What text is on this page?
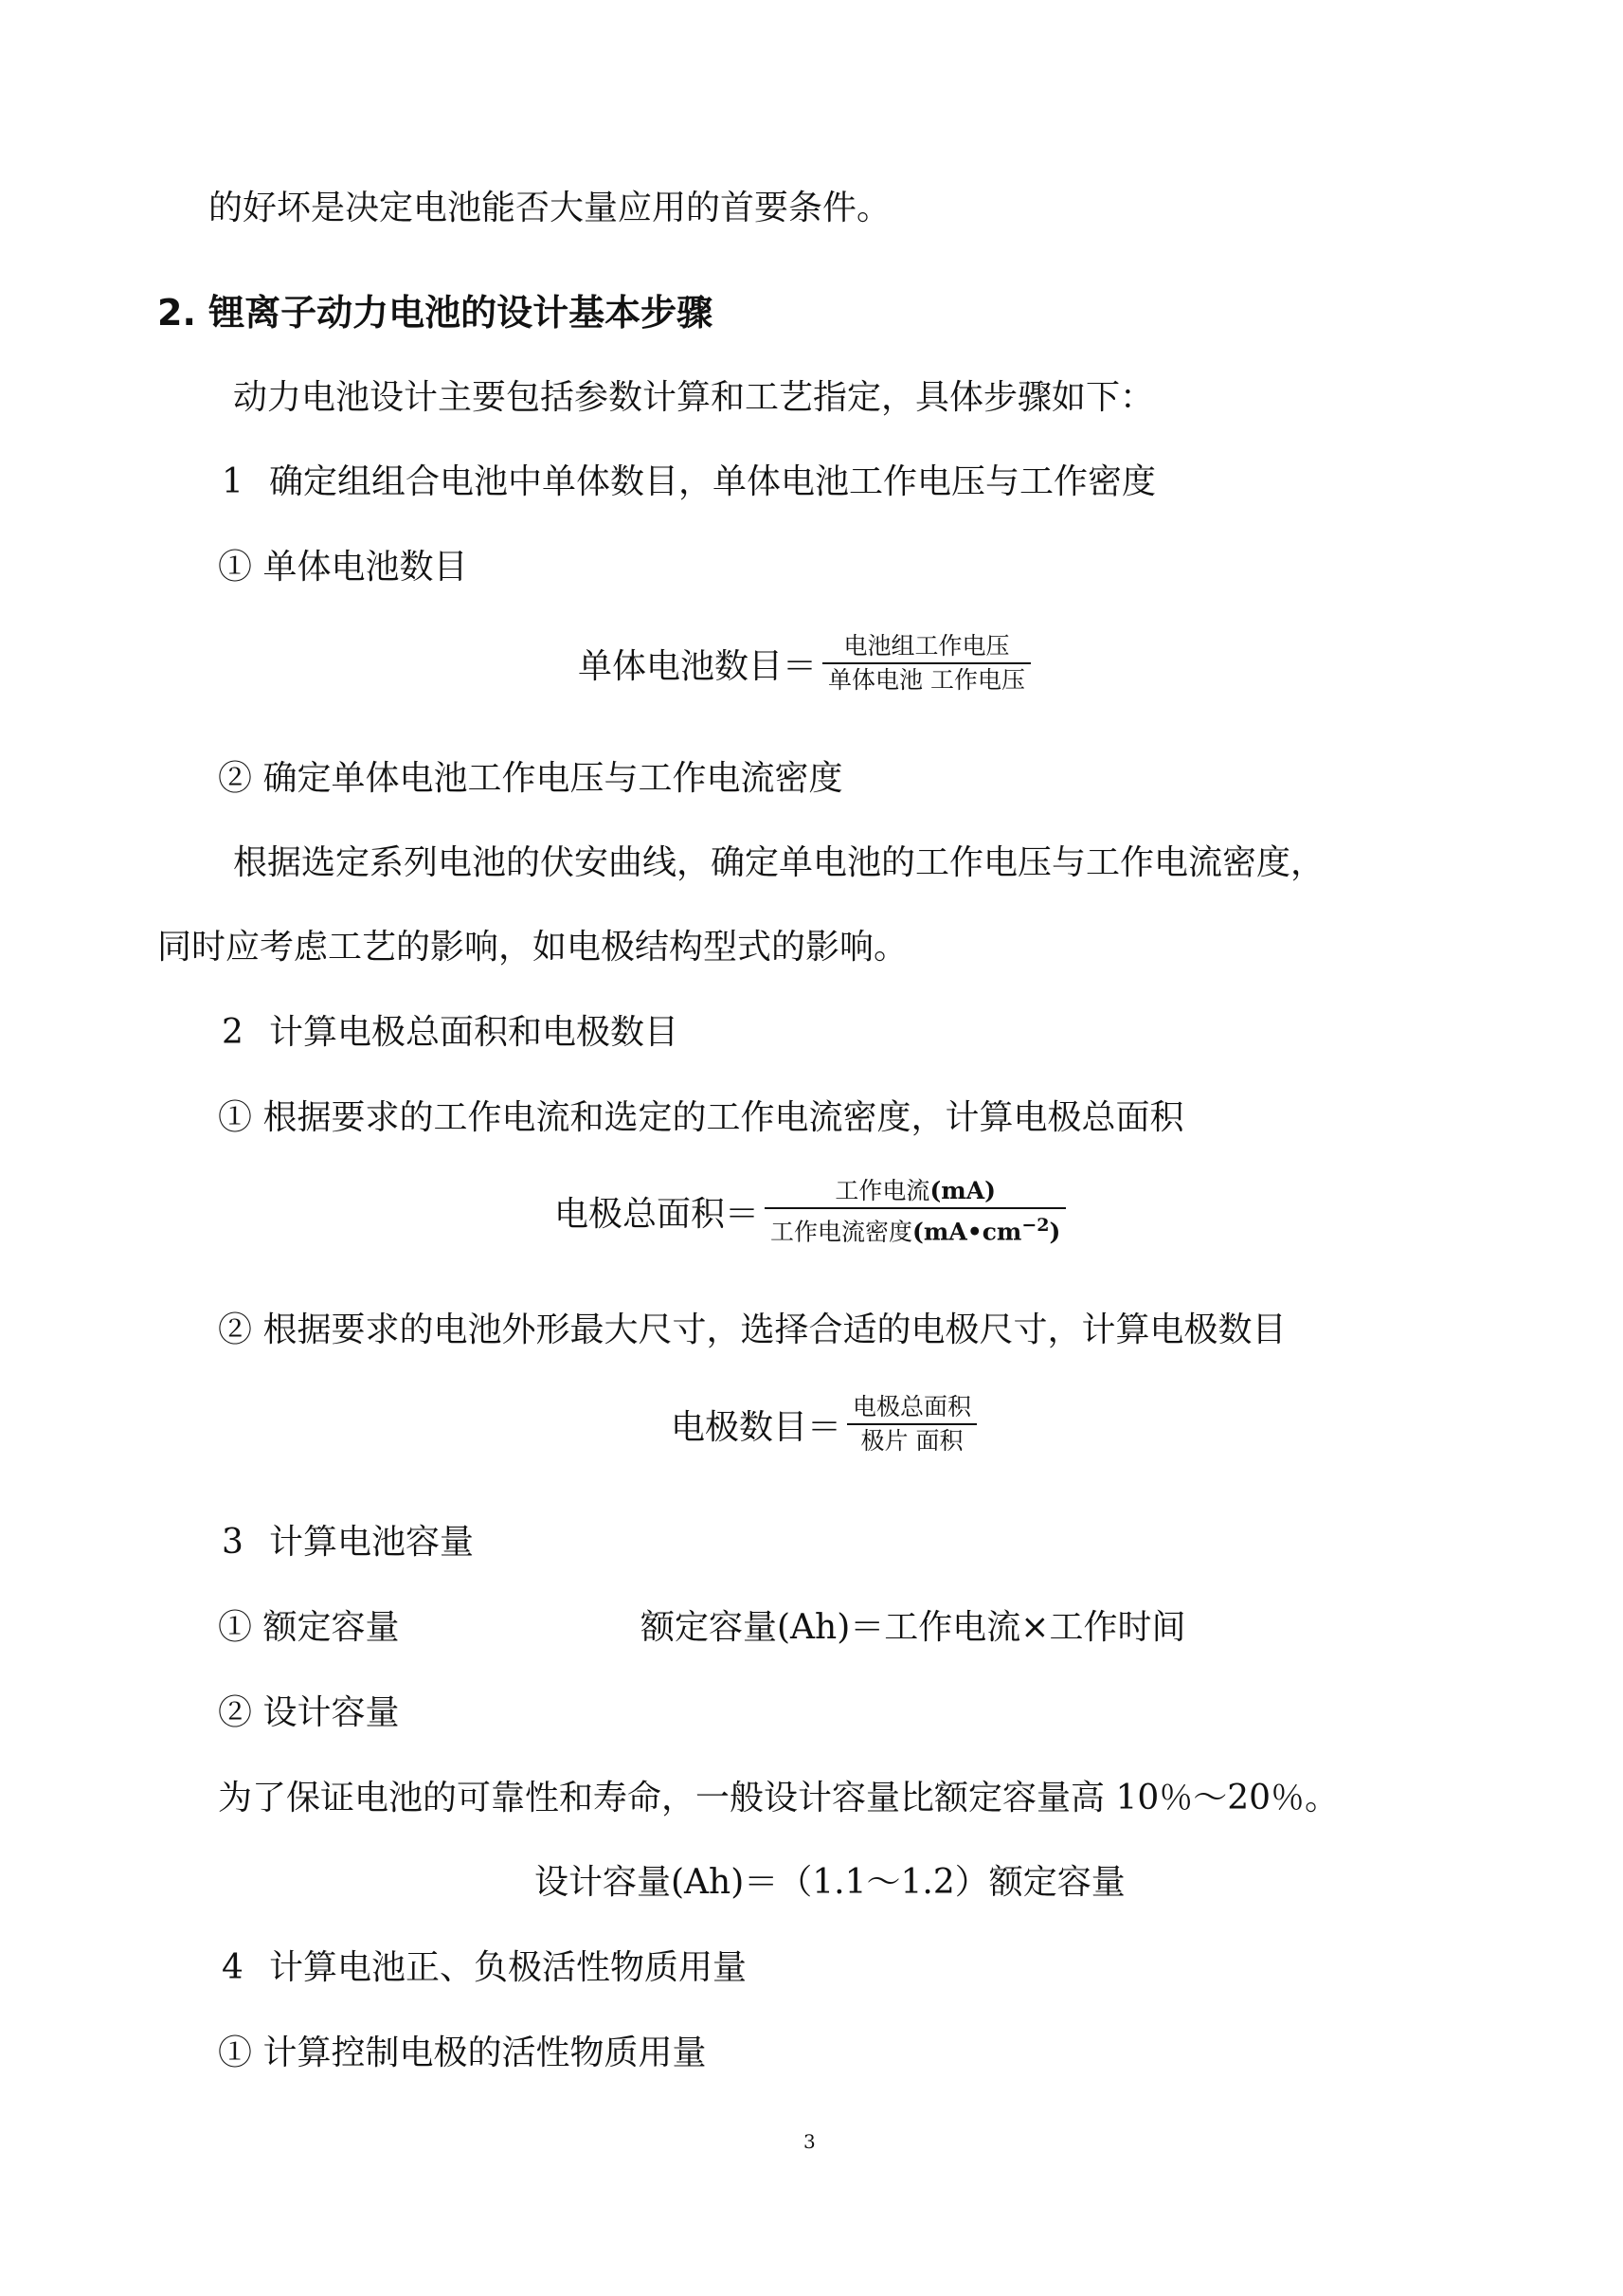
的好坏是决定电池能否大量应用的首要条件。
2. 锂离子动力电池的设计基本步骤
动力电池设计主要包括参数计算和工艺指定，具体步骤如下：
1 确定组组合电池中单体数目，单体电池工作电压与工作密度
① 单体电池数目
单体电池数目＝ $\frac{\text{电池组工作电压}}{\text{单体电池 工作电压}}$
② 确定单体电池工作电压与工作电流密度
根据选定系列电池的伏安曲线，确定单电池的工作电压与工作电流密度，
同时应考虑工艺的影响，如电极结构型式的影响。
2 计算电极总面积和电极数目
① 根据要求的工作电流和选定的工作电流密度，计算电极总面积
电极总面积＝ $\frac{\text{工作电流(mA)}}{工作电流密度(mA•cm^{-2})}$
② 根据要求的电池外形最大尺寸，选择合适的电极尺寸，计算电极数目
电极数目＝ $\frac{\text{电极总面积}}{\text{极片 面积}}$
3 计算电池容量
① 额定容量	额定容量(Ah)＝工作电流×工作时间
② 设计容量
为了保证电池的可靠性和寿命，一般设计容量比额定容量高 10％～20％。
设计容量(Ah)＝（1.1～1.2）额定容量
4 计算电池正、负极活性物质用量
① 计算控制电极的活性物质用量
3
